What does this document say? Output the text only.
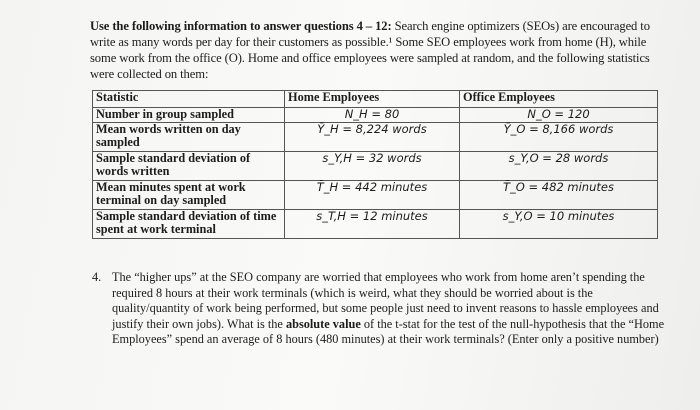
Use the following information to answer questions 4 – 12: Search engine optimizers (SEOs) are encouraged to write as many words per day for their customers as possible.¹ Some SEO employees work from home (H), while some work from the office (O). Home and office employees were sampled at random, and the following statistics were collected on them:
Statistic	Home Employees	Office Employees
Number in group sampled	N_H = 80	N_O = 120
Mean words written on day sampled	Ȳ_H = 8,224 words	Ȳ_O = 8,166 words
Sample standard deviation of words written	s_Y,H = 32 words	s_Y,O = 28 words
Mean minutes spent at work terminal on day sampled	T̄_H = 442 minutes	T̄_O = 482 minutes
Sample standard deviation of time spent at work terminal	s_T,H = 12 minutes	s_Y,O = 10 minutes
4. The “higher ups” at the SEO company are worried that employees who work from home aren’t spending the required 8 hours at their work terminals (which is weird, what they should be worried about is the quality/quantity of work being performed, but some people just need to invent reasons to hassle employees and justify their own jobs). What is the absolute value of the t-stat for the test of the null-hypothesis that the “Home Employees” spend an average of 8 hours (480 minutes) at their work terminals? (Enter only a positive number)
